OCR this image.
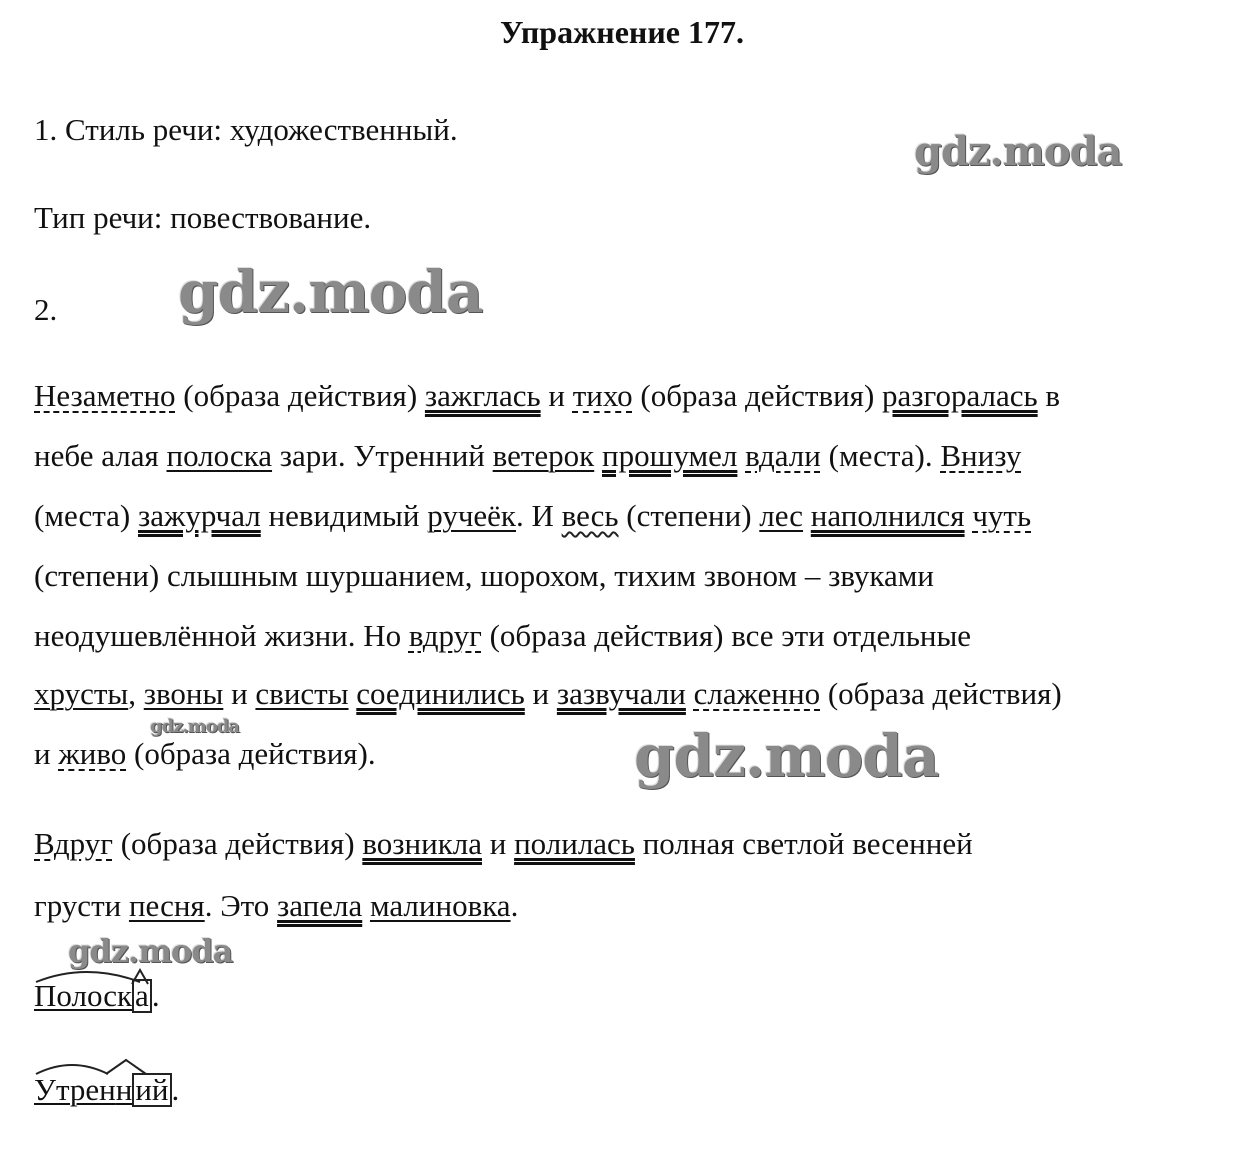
Упражнение 177.
1. Стиль речи: художественный.
Тип речи: повествование.
2.
gdz.moda
gdz.moda
gdz.moda	gdz.moda
gdz.moda
Незаметно (образа действия) зажглась и тихо (образа действия) разгоралась в
небе алая полоска зари. Утренний ветерок прошумел вдали (места). Внизу
(места) зажурчал невидимый ручеёк. И весь (степени) лес наполнился чуть
(степени) слышным шуршанием, шорохом, тихим звоном – звуками
неодушевлённой жизни. Но вдруг (образа действия) все эти отдельные
хрусты, звоны и свисты соединились и зазвучали слаженно (образа действия)
и живо (образа действия).
Вдруг (образа действия) возникла и полилась полная светлой весенней
грусти песня. Это запела малиновка.
Полоска.
Утренний.
